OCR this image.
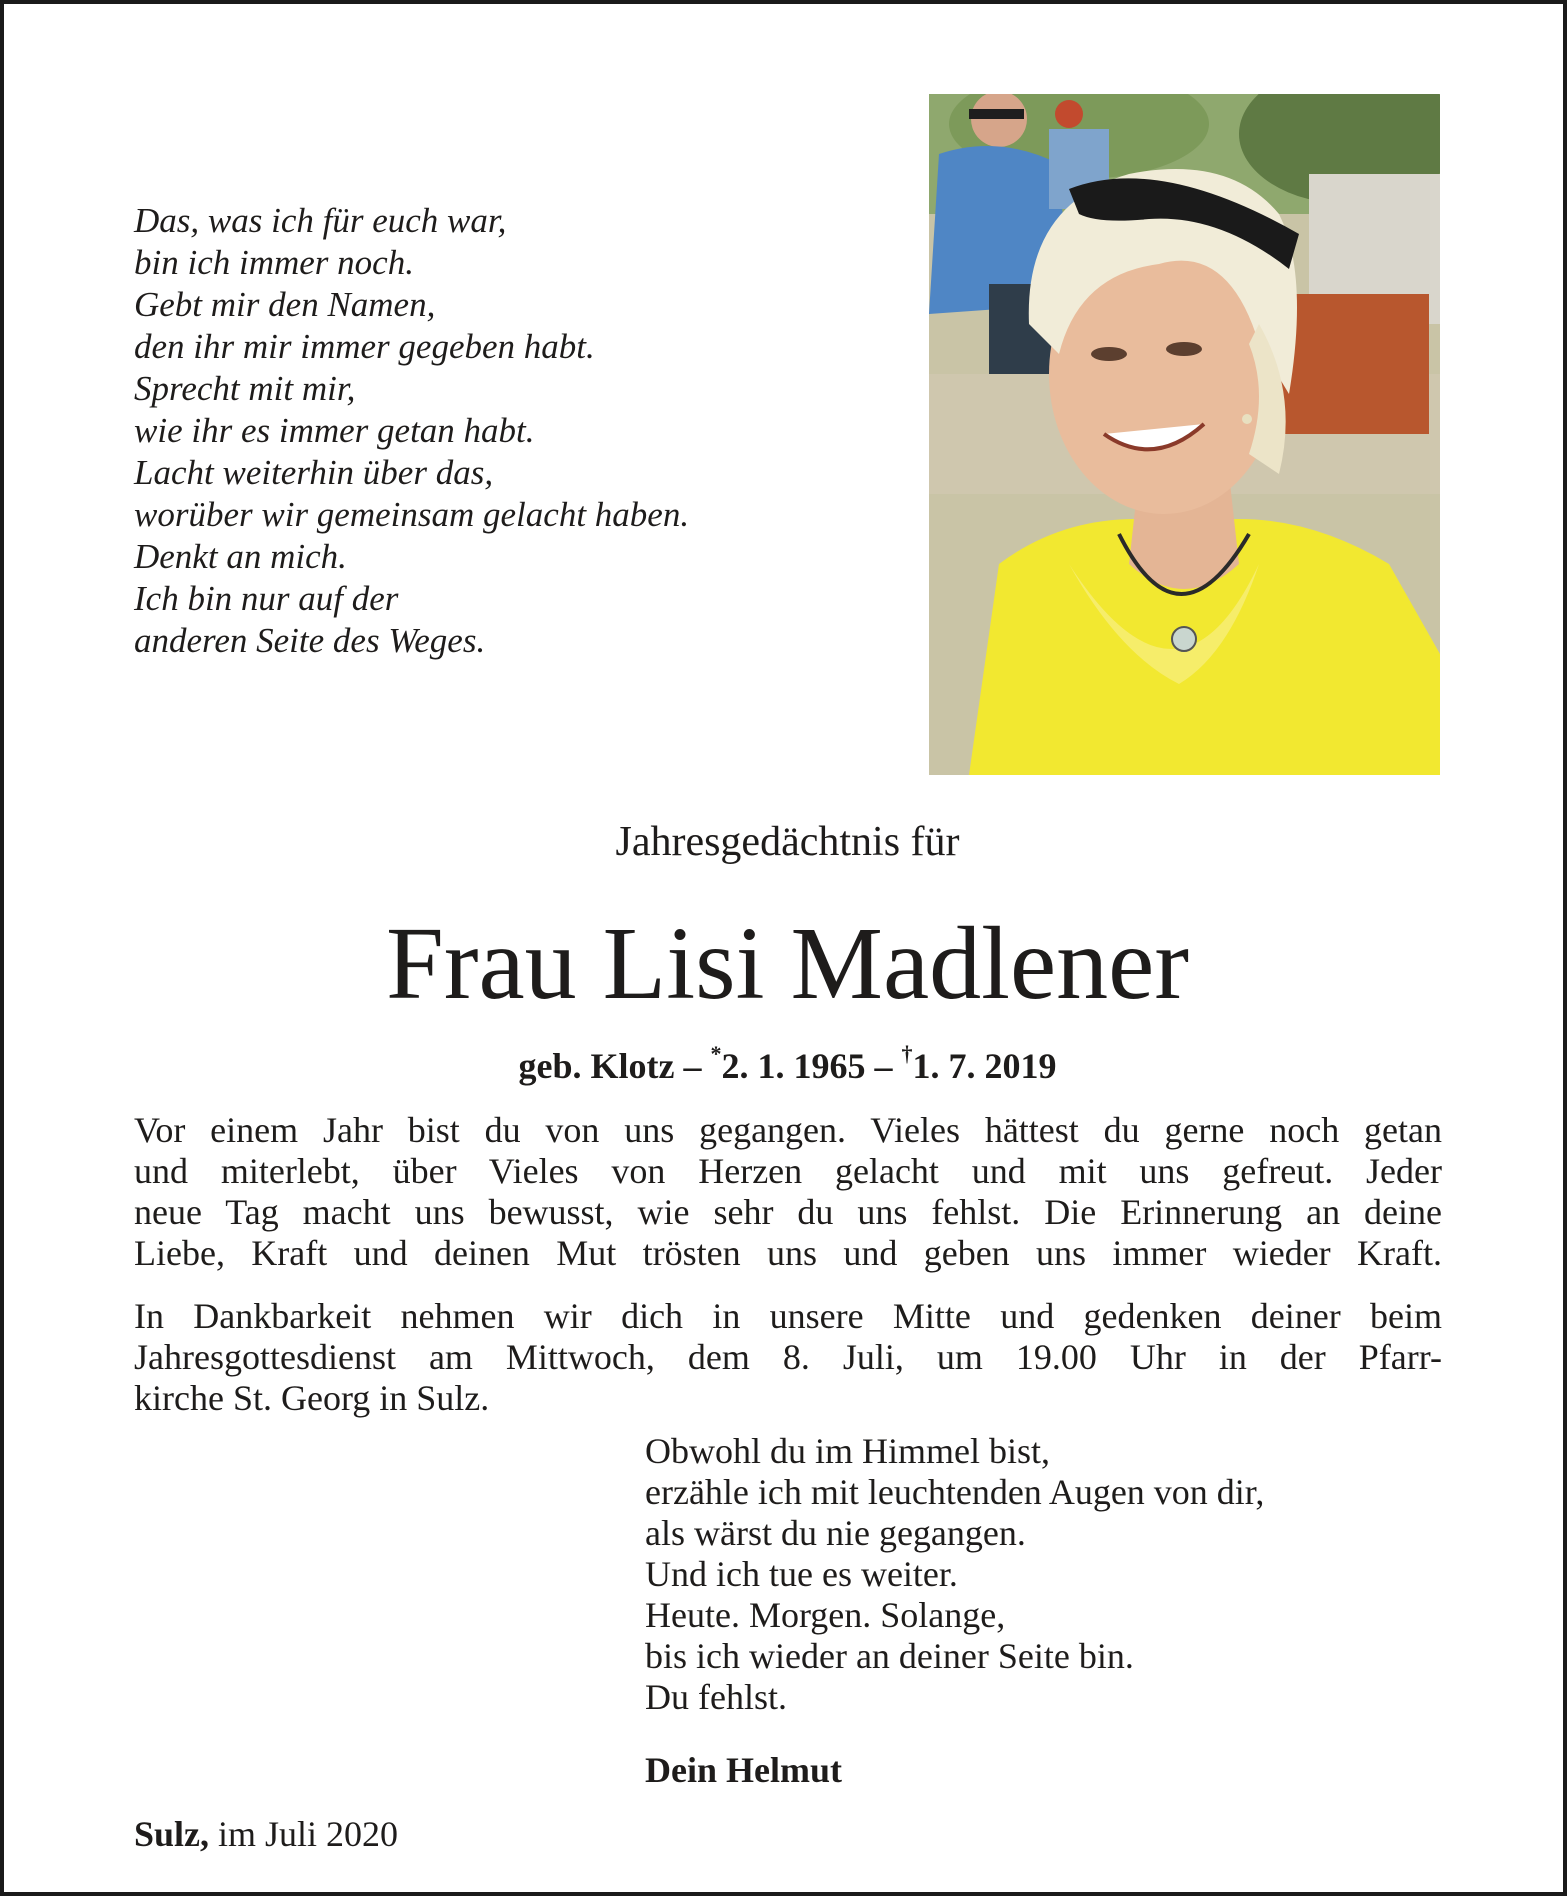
Das, was ich für euch war,
bin ich immer noch.
Gebt mir den Namen,
den ihr mir immer gegeben habt.
Sprecht mit mir,
wie ihr es immer getan habt.
Lacht weiterhin über das,
worüber wir gemeinsam gelacht haben.
Denkt an mich.
Ich bin nur auf der
anderen Seite des Weges.
Jahresgedächtnis für
Frau Lisi Madlener
geb. Klotz – *2. 1. 1965 – †1. 7. 2019
Vor einem Jahr bist du von uns gegangen. Vieles hättest du gerne noch getan
und miterlebt, über Vieles von Herzen gelacht und mit uns gefreut. Jeder
neue Tag macht uns bewusst, wie sehr du uns fehlst. Die Erinnerung an deine
Liebe, Kraft und deinen Mut trösten uns und geben uns immer wieder Kraft.
In Dankbarkeit nehmen wir dich in unsere Mitte und gedenken deiner beim
Jahresgottesdienst am Mittwoch, dem 8. Juli, um 19.00 Uhr in der Pfarr-
kirche St. Georg in Sulz.
Obwohl du im Himmel bist,
erzähle ich mit leuchtenden Augen von dir,
als wärst du nie gegangen.
Und ich tue es weiter.
Heute. Morgen. Solange,
bis ich wieder an deiner Seite bin.
Du fehlst.
Dein Helmut
Sulz, im Juli 2020
